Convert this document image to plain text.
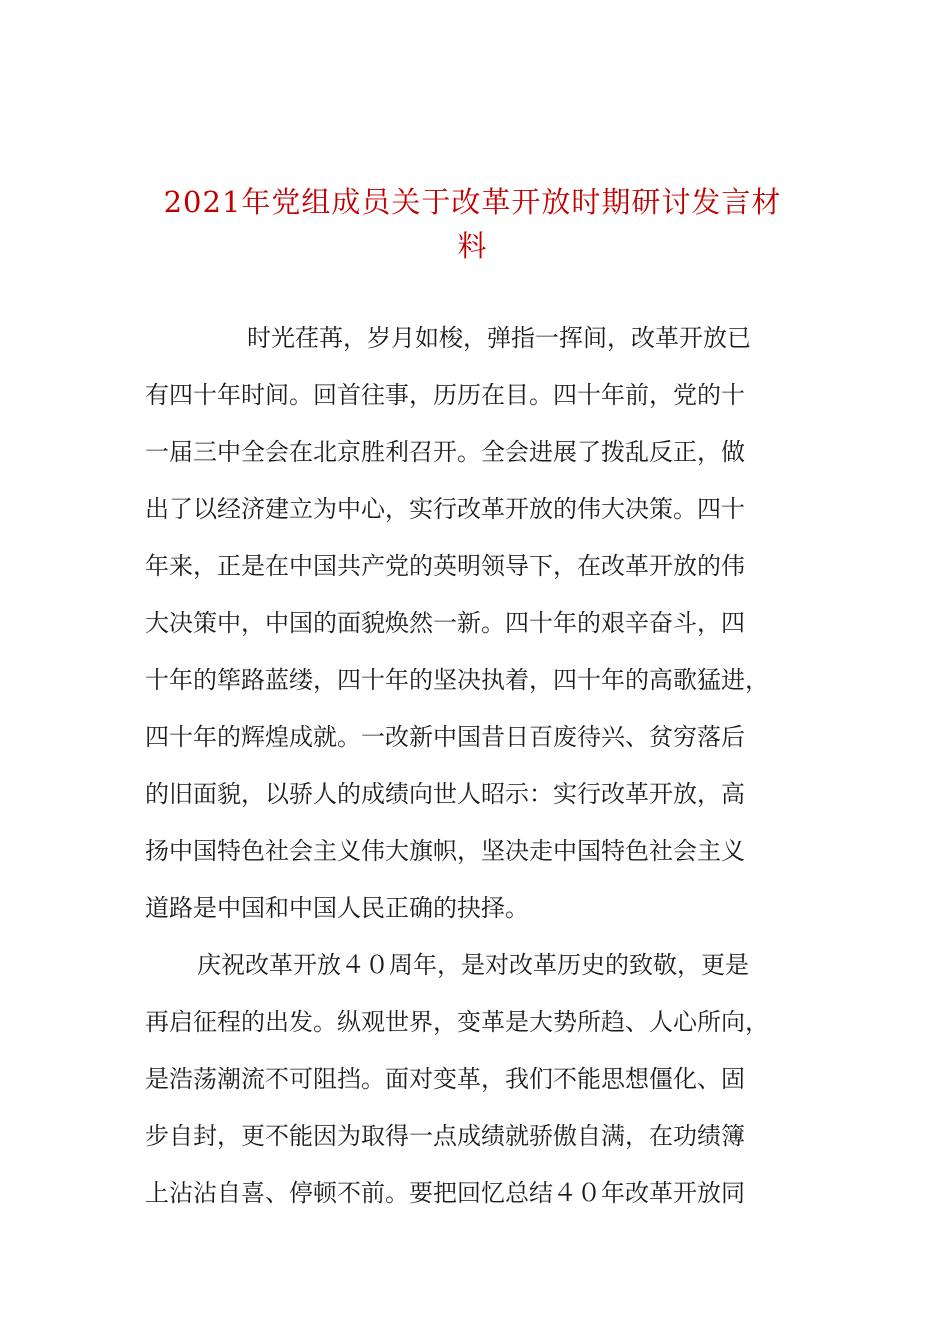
2021年党组成员关于改革开放时期研讨发言材
料
时光荏苒，岁月如梭，弹指一挥间，改革开放已
有四十年时间。回首往事，历历在目。四十年前，党的十
一届三中全会在北京胜利召开。全会进展了拨乱反正，做
出了以经济建立为中心，实行改革开放的伟大决策。四十
年来，正是在中国共产党的英明领导下，在改革开放的伟
大决策中，中国的面貌焕然一新。四十年的艰辛奋斗，四
十年的筚路蓝缕，四十年的坚决执着，四十年的高歌猛进，
四十年的辉煌成就。一改新中国昔日百废待兴、贫穷落后
的旧面貌，以骄人的成绩向世人昭示：实行改革开放，高
扬中国特色社会主义伟大旗帜，坚决走中国特色社会主义
道路是中国和中国人民正确的抉择。
庆祝改革开放４０周年，是对改革历史的致敬，更是
再启征程的出发。纵观世界，变革是大势所趋、人心所向，
是浩荡潮流不可阻挡。面对变革，我们不能思想僵化、固
步自封，更不能因为取得一点成绩就骄傲自满，在功绩簿
上沾沾自喜、停顿不前。要把回忆总结４０年改革开放同
